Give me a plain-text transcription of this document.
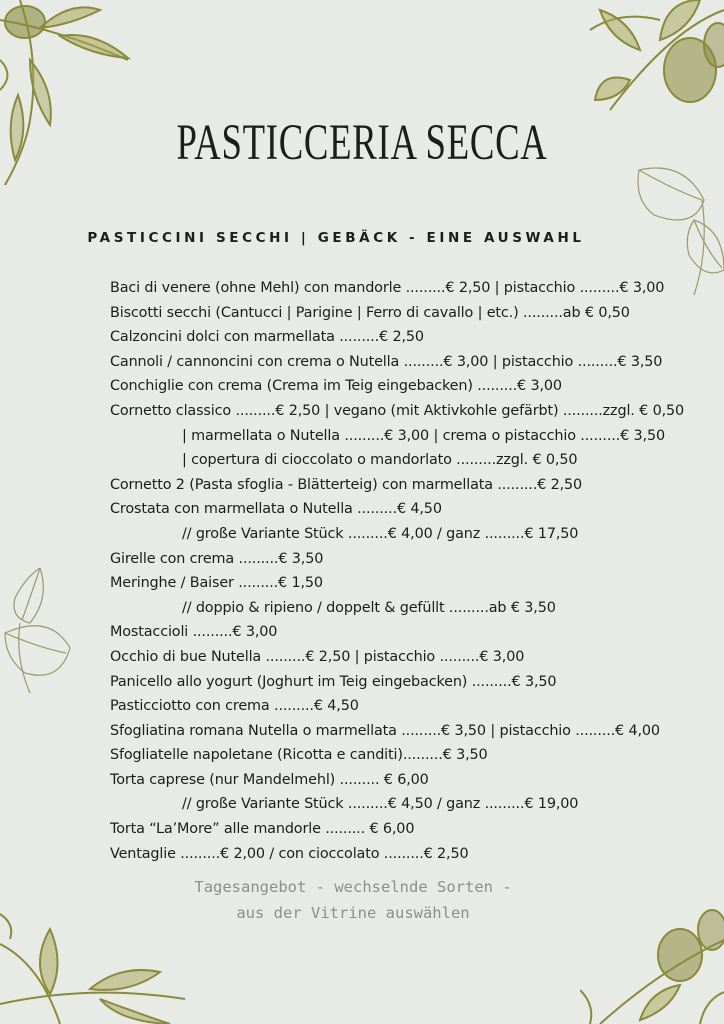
PASTICCERIA SECCA
PASTICCINI SECCHI | GEBÄCK - EINE AUSWAHL
Baci di venere (ohne Mehl) con mandorle .........€ 2,50 | pistacchio .........€ 3,00
Biscotti secchi (Cantucci | Parigine | Ferro di cavallo | etc.) .........ab € 0,50
Calzoncini dolci con marmellata .........€ 2,50
Cannoli / cannoncini con crema o Nutella .........€ 3,00 | pistacchio .........€ 3,50
Conchiglie con crema (Crema im Teig eingebacken) .........€ 3,00
Cornetto classico .........€ 2,50 | vegano (mit Aktivkohle gefärbt) .........zzgl. € 0,50
| marmellata o Nutella .........€ 3,00 | crema o pistacchio .........€ 3,50
| copertura di cioccolato o mandorlato .........zzgl. € 0,50
Cornetto 2 (Pasta sfoglia - Blätterteig) con marmellata .........€ 2,50
Crostata con marmellata o Nutella .........€ 4,50
// große Variante Stück .........€ 4,00 / ganz .........€ 17,50
Girelle con crema .........€ 3,50
Meringhe / Baiser .........€ 1,50
// doppio & ripieno / doppelt & gefüllt .........ab € 3,50
Mostaccioli .........€ 3,00
Occhio di bue Nutella .........€ 2,50 | pistacchio .........€ 3,00
Panicello allo yogurt (Joghurt im Teig eingebacken) .........€ 3,50
Pasticciotto con crema .........€ 4,50
Sfogliatina romana Nutella o marmellata .........€ 3,50 | pistacchio .........€ 4,00
Sfogliatelle napoletane (Ricotta e canditi).........€ 3,50
Torta caprese (nur Mandelmehl) ......... € 6,00
// große Variante Stück .........€ 4,50 / ganz .........€ 19,00
Torta “La’More” alle mandorle ......... € 6,00
Ventaglie .........€ 2,00 / con cioccolato .........€ 2,50

Tagesangebot - wechselnde Sorten -

aus der Vitrine auswählen
